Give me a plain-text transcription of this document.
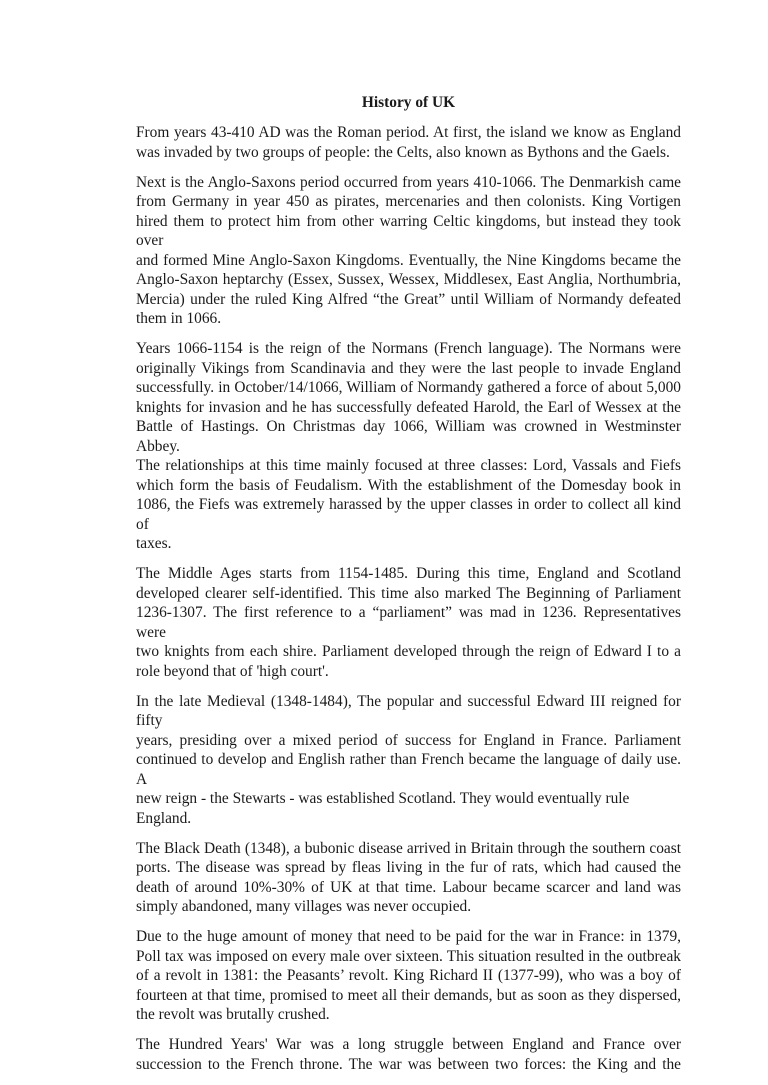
History of UK
From years 43-410 AD was the Roman period. At first, the island we know as England
was invaded by two groups of people: the Celts, also known as Bythons and the Gaels.
Next is the Anglo-Saxons period occurred from years 410-1066. The Denmarkish came
from Germany in year 450 as pirates, mercenaries and then colonists. King Vortigen
hired them to protect him from other warring Celtic kingdoms, but instead they took over
and formed Mine Anglo-Saxon Kingdoms. Eventually, the Nine Kingdoms became the
Anglo-Saxon heptarchy (Essex, Sussex, Wessex, Middlesex, East Anglia, Northumbria,
Mercia) under the ruled King Alfred “the Great” until William of Normandy defeated
them in 1066.
Years 1066-1154 is the reign of the Normans (French language). The Normans were
originally Vikings from Scandinavia and they were the last people to invade England
successfully. in October/14/1066, William of Normandy gathered a force of about 5,000
knights for invasion and he has successfully defeated Harold, the Earl of Wessex at the
Battle of Hastings. On Christmas day 1066, William was crowned in Westminster Abbey.
The relationships at this time mainly focused at three classes: Lord, Vassals and Fiefs
which form the basis of Feudalism. With the establishment of the Domesday book in
1086, the Fiefs was extremely harassed by the upper classes in order to collect all kind of
taxes.
The Middle Ages starts from 1154-1485. During this time, England and Scotland
developed clearer self-identified. This time also marked The Beginning of Parliament
1236-1307. The first reference to a “parliament” was mad in 1236. Representatives were
two knights from each shire. Parliament developed through the reign of Edward I to a
role beyond that of 'high court'.
In the late Medieval (1348-1484), The popular and successful Edward III reigned for fifty
years, presiding over a mixed period of success for England in France. Parliament
continued to develop and English rather than French became the language of daily use. A
new reign - the Stewarts - was established Scotland. They would eventually rule England.
The Black Death (1348), a bubonic disease arrived in Britain through the southern coast
ports. The disease was spread by fleas living in the fur of rats, which had caused the
death of around 10%-30% of UK at that time. Labour became scarcer and land was
simply abandoned, many villages was never occupied.
Due to the huge amount of money that need to be paid for the war in France: in 1379,
Poll tax was imposed on every male over sixteen. This situation resulted in the outbreak
of a revolt in 1381: the Peasants’ revolt. King Richard II (1377-99), who was a boy of
fourteen at that time, promised to meet all their demands, but as soon as they dispersed,
the revolt was brutally crushed.
The Hundred Years' War was a long struggle between England and France over
succession to the French throne. The war was between two forces: the King and the
